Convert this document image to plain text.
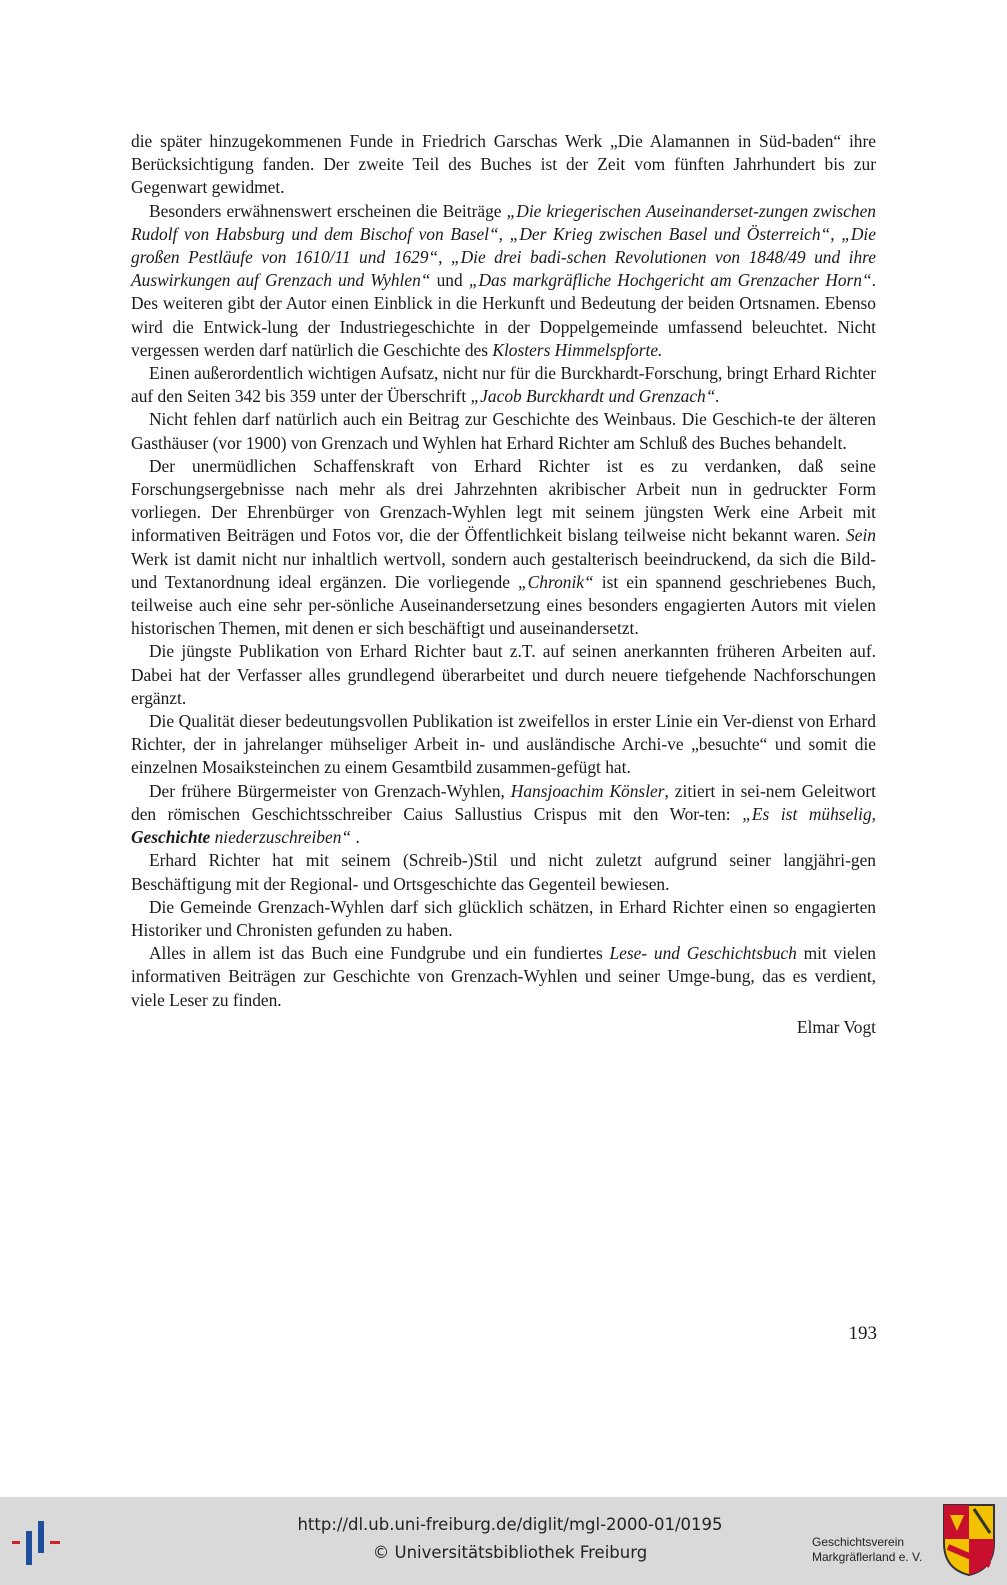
die später hinzugekommenen Funde in Friedrich Garschas Werk „Die Alamannen in Süd-baden“ ihre Berücksichtigung fanden. Der zweite Teil des Buches ist der Zeit vom fünften Jahrhundert bis zur Gegenwart gewidmet.

Besonders erwähnenswert erscheinen die Beiträge „Die kriegerischen Auseinanderset-zungen zwischen Rudolf von Habsburg und dem Bischof von Basel“, „Der Krieg zwischen Basel und Österreich“, „Die großen Pestläufe von 1610/11 und 1629“, „Die drei badi-schen Revolutionen von 1848/49 und ihre Auswirkungen auf Grenzach und Wyhlen“ und „Das markgräfliche Hochgericht am Grenzacher Horn“. Des weiteren gibt der Autor einen Einblick in die Herkunft und Bedeutung der beiden Ortsnamen. Ebenso wird die Entwick-lung der Industriegeschichte in der Doppelgemeinde umfassend beleuchtet. Nicht vergessen werden darf natürlich die Geschichte des Klosters Himmelspforte.

Einen außerordentlich wichtigen Aufsatz, nicht nur für die Burckhardt-Forschung, bringt Erhard Richter auf den Seiten 342 bis 359 unter der Überschrift „Jacob Burckhardt und Grenzach“.

Nicht fehlen darf natürlich auch ein Beitrag zur Geschichte des Weinbaus. Die Geschich-te der älteren Gasthäuser (vor 1900) von Grenzach und Wyhlen hat Erhard Richter am Schluß des Buches behandelt.

Der unermüdlichen Schaffenskraft von Erhard Richter ist es zu verdanken, daß seine Forschungsergebnisse nach mehr als drei Jahrzehnten akribischer Arbeit nun in gedruckter Form vorliegen. Der Ehrenbürger von Grenzach-Wyhlen legt mit seinem jüngsten Werk eine Arbeit mit informativen Beiträgen und Fotos vor, die der Öffentlichkeit bislang teilweise nicht bekannt waren. Sein Werk ist damit nicht nur inhaltlich wertvoll, sondern auch gestalterisch beeindruckend, da sich die Bild- und Textanordnung ideal ergänzen. Die vorliegende „Chronik“ ist ein spannend geschriebenes Buch, teilweise auch eine sehr per-sönliche Auseinandersetzung eines besonders engagierten Autors mit vielen historischen Themen, mit denen er sich beschäftigt und auseinandersetzt.

Die jüngste Publikation von Erhard Richter baut z.T. auf seinen anerkannten früheren Arbeiten auf. Dabei hat der Verfasser alles grundlegend überarbeitet und durch neuere tiefgehende Nachforschungen ergänzt.

Die Qualität dieser bedeutungsvollen Publikation ist zweifellos in erster Linie ein Ver-dienst von Erhard Richter, der in jahrelanger mühseliger Arbeit in- und ausländische Archi-ve „besuchte“ und somit die einzelnen Mosaiksteinchen zu einem Gesamtbild zusammen-gefügt hat.

Der frühere Bürgermeister von Grenzach-Wyhlen, Hansjoachim Könsler, zitiert in sei-nem Geleitwort den römischen Geschichtsschreiber Caius Sallustius Crispus mit den Wor-ten: „Es ist mühselig, Geschichte niederzuschreiben“ .

Erhard Richter hat mit seinem (Schreib-)Stil und nicht zuletzt aufgrund seiner langjähri-gen Beschäftigung mit der Regional- und Ortsgeschichte das Gegenteil bewiesen.

Die Gemeinde Grenzach-Wyhlen darf sich glücklich schätzen, in Erhard Richter einen so engagierten Historiker und Chronisten gefunden zu haben.

Alles in allem ist das Buch eine Fundgrube und ein fundiertes Lese- und Geschichtsbuch mit vielen informativen Beiträgen zur Geschichte von Grenzach-Wyhlen und seiner Umge-bung, das es verdient, viele Leser zu finden.

Elmar Vogt

193
http://dl.ub.uni-freiburg.de/diglit/mgl-2000-01/0195
© Universitätsbibliothek Freiburg
Geschichtsverein
Markgräflerland e. V.
